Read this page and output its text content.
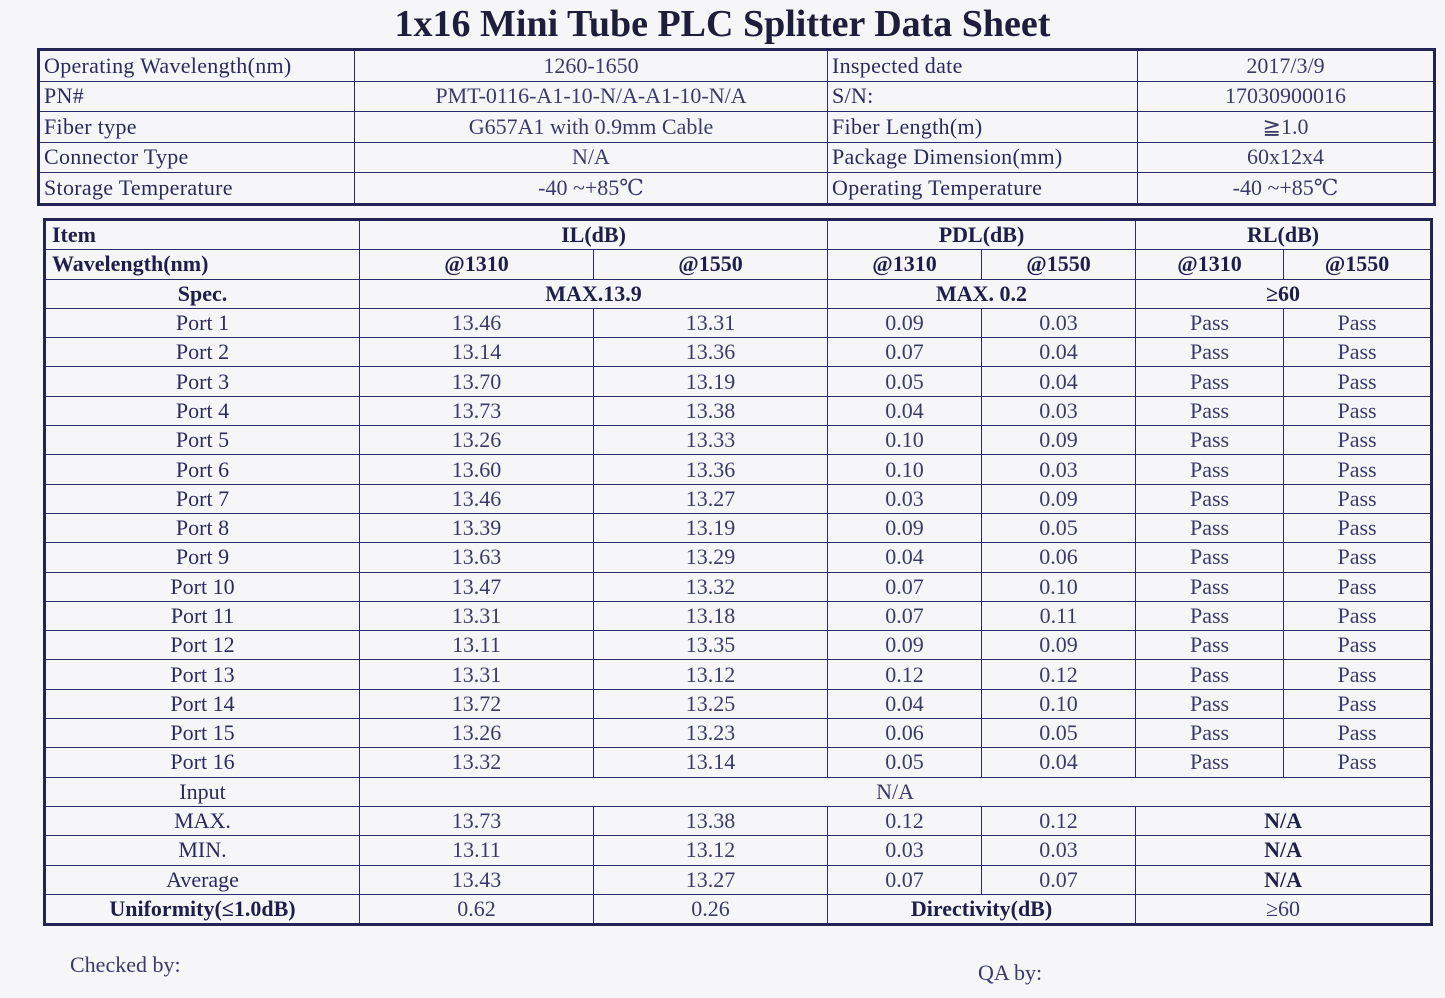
1x16 Mini Tube PLC Splitter Data Sheet
Operating Wavelength(nm)	1260-1650	Inspected date	2017/3/9
PN#	PMT-0116-A1-10-N/A-A1-10-N/A	S/N:	17030900016
Fiber type	G657A1 with 0.9mm Cable	Fiber Length(m)	≧1.0
Connector Type	N/A	Package Dimension(mm)	60x12x4
Storage Temperature	-40 ~+85℃	Operating Temperature	-40 ~+85℃
Item	IL(dB)		PDL(dB)		RL(dB)	
Wavelength(nm)	@1310	@1550	@1310	@1550	@1310	@1550
Spec.	MAX.13.9		MAX. 0.2		≥60	
Port 1	13.46	13.31	0.09	0.03	Pass	Pass
Port 2	13.14	13.36	0.07	0.04	Pass	Pass
Port 3	13.70	13.19	0.05	0.04	Pass	Pass
Port 4	13.73	13.38	0.04	0.03	Pass	Pass
Port 5	13.26	13.33	0.10	0.09	Pass	Pass
Port 6	13.60	13.36	0.10	0.03	Pass	Pass
Port 7	13.46	13.27	0.03	0.09	Pass	Pass
Port 8	13.39	13.19	0.09	0.05	Pass	Pass
Port 9	13.63	13.29	0.04	0.06	Pass	Pass
Port 10	13.47	13.32	0.07	0.10	Pass	Pass
Port 11	13.31	13.18	0.07	0.11	Pass	Pass
Port 12	13.11	13.35	0.09	0.09	Pass	Pass
Port 13	13.31	13.12	0.12	0.12	Pass	Pass
Port 14	13.72	13.25	0.04	0.10	Pass	Pass
Port 15	13.26	13.23	0.06	0.05	Pass	Pass
Port 16	13.32	13.14	0.05	0.04	Pass	Pass
Input	N/A					
MAX.	13.73	13.38	0.12	0.12	N/A	
MIN.	13.11	13.12	0.03	0.03	N/A	
Average	13.43	13.27	0.07	0.07	N/A	
Uniformity(≤1.0dB)	0.62	0.26	Directivity(dB)		≥60	
Checked by:	QA by:
